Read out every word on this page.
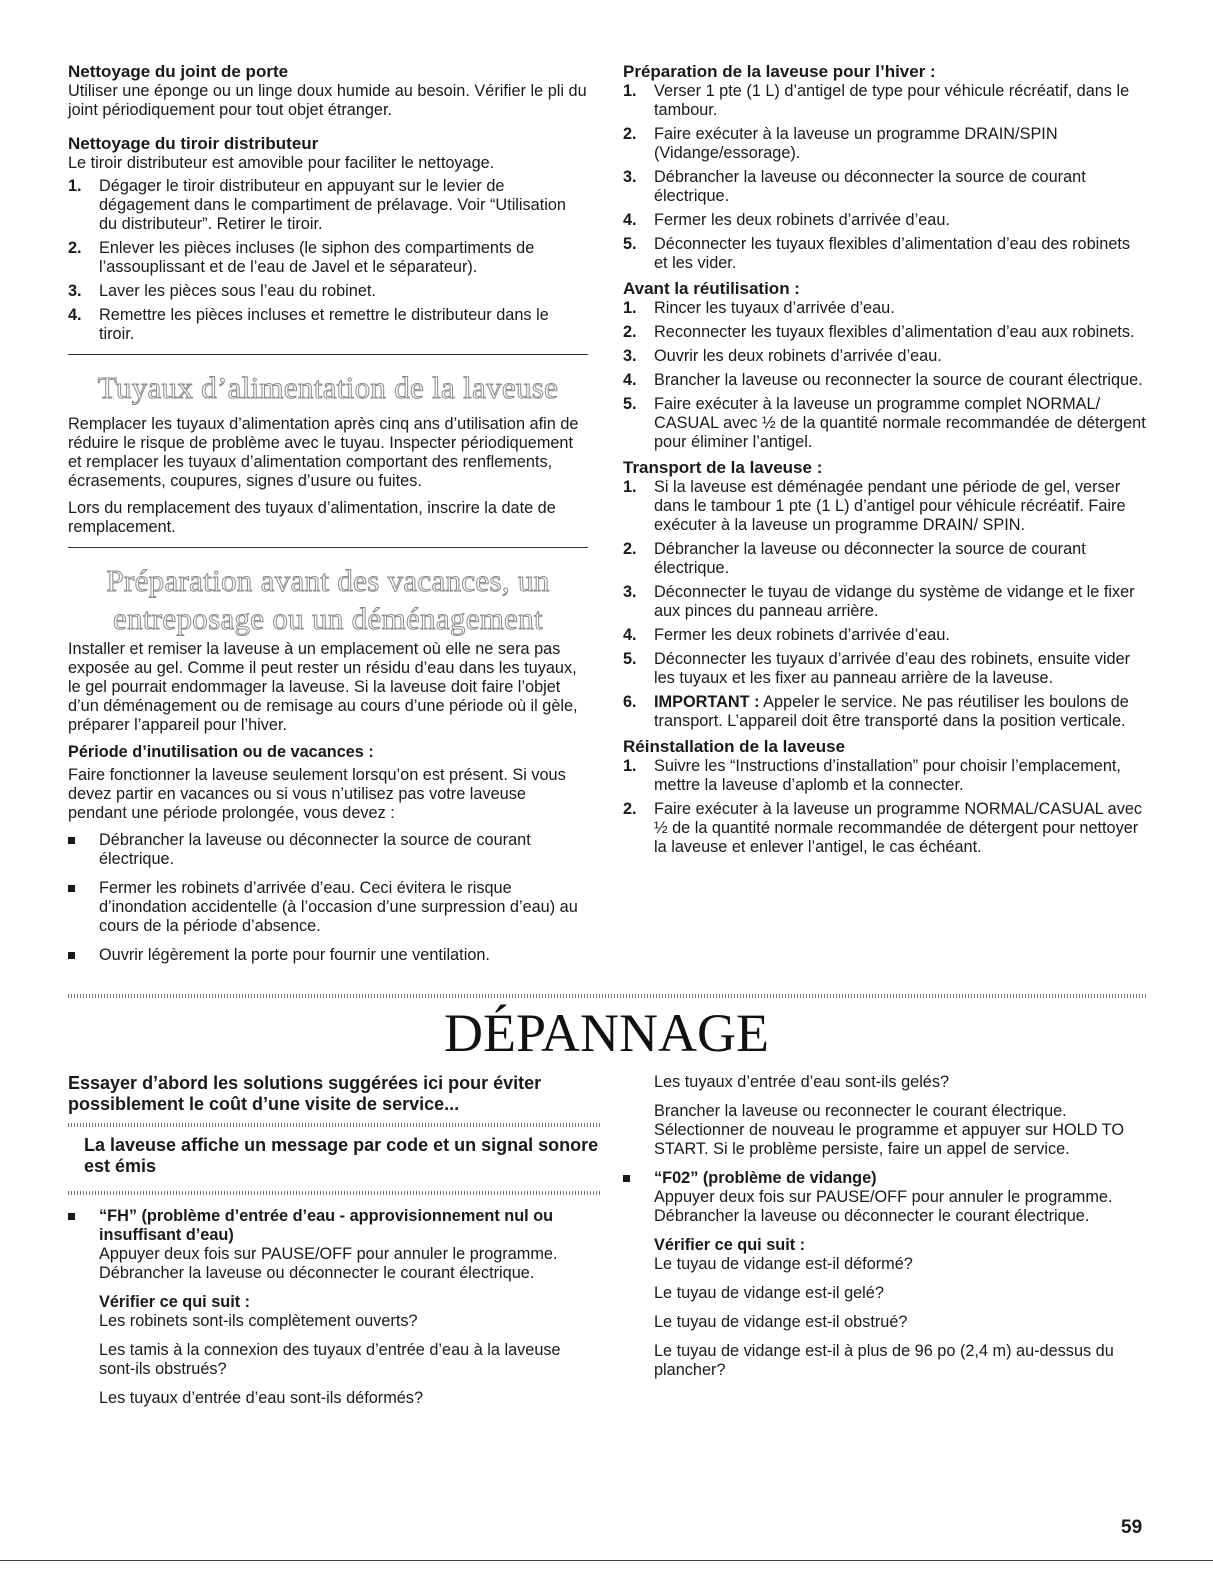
Nettoyage du joint de porte

Utiliser une éponge ou un linge doux humide au besoin. Vérifier le pli du joint périodiquement pour tout objet étranger.

Nettoyage du tiroir distributeur

Le tiroir distributeur est amovible pour faciliter le nettoyage.

1. Dégager le tiroir distributeur en appuyant sur le levier de dégagement dans le compartiment de prélavage. Voir “Utilisation du distributeur”. Retirer le tiroir.
2. Enlever les pièces incluses (le siphon des compartiments de l’assouplissant et de l’eau de Javel et le séparateur).
3. Laver les pièces sous l’eau du robinet.
4. Remettre les pièces incluses et remettre le distributeur dans le tiroir.
Tuyaux d’alimentation de la laveuse

Remplacer les tuyaux d’alimentation après cinq ans d’utilisation afin de réduire le risque de problème avec le tuyau. Inspecter périodiquement et remplacer les tuyaux d’alimentation comportant des renflements, écrasements, coupures, signes d’usure ou fuites.

Lors du remplacement des tuyaux d’alimentation, inscrire la date de remplacement.

Préparation avant des vacances, un
entreposage ou un déménagement

Installer et remiser la laveuse à un emplacement où elle ne sera pas exposée au gel. Comme il peut rester un résidu d’eau dans les tuyaux, le gel pourrait endommager la laveuse. Si la laveuse doit faire l’objet d’un déménagement ou de remisage au cours d’une période où il gèle, préparer l’appareil pour l’hiver.

Période d’inutilisation ou de vacances :

Faire fonctionner la laveuse seulement lorsqu’on est présent. Si vous devez partir en vacances ou si vous n’utilisez pas votre laveuse pendant une période prolongée, vous devez :

Débrancher la laveuse ou déconnecter la source de courant électrique.
Fermer les robinets d’arrivée d’eau. Ceci évitera le risque d’inondation accidentelle (à l’occasion d’une surpression d’eau) au cours de la période d’absence.
Ouvrir légèrement la porte pour fournir une ventilation.
Préparation de la laveuse pour l’hiver :
1. Verser 1 pte (1 L) d’antigel de type pour véhicule récréatif, dans le tambour.
2. Faire exécuter à la laveuse un programme DRAIN/SPIN (Vidange/essorage).
3. Débrancher la laveuse ou déconnecter la source de courant électrique.
4. Fermer les deux robinets d’arrivée d’eau.
5. Déconnecter les tuyaux flexibles d’alimentation d’eau des robinets et les vider.
Avant la réutilisation :
1. Rincer les tuyaux d’arrivée d’eau.
2. Reconnecter les tuyaux flexibles d’alimentation d’eau aux robinets.
3. Ouvrir les deux robinets d’arrivée d’eau.
4. Brancher la laveuse ou reconnecter la source de courant électrique.
5. Faire exécuter à la laveuse un programme complet NORMAL/ CASUAL avec ½ de la quantité normale recommandée de détergent pour éliminer l’antigel.
Transport de la laveuse :
1. Si la laveuse est déménagée pendant une période de gel, verser dans le tambour 1 pte (1 L) d’antigel pour véhicule récréatif. Faire exécuter à la laveuse un programme DRAIN/ SPIN.
2. Débrancher la laveuse ou déconnecter la source de courant électrique.
3. Déconnecter le tuyau de vidange du système de vidange et le fixer aux pinces du panneau arrière.
4. Fermer les deux robinets d’arrivée d’eau.
5. Déconnecter les tuyaux d’arrivée d’eau des robinets, ensuite vider les tuyaux et les fixer au panneau arrière de la laveuse.
6. IMPORTANT : Appeler le service. Ne pas réutiliser les boulons de transport. L’appareil doit être transporté dans la position verticale.
Réinstallation de la laveuse
1. Suivre les “Instructions d’installation” pour choisir l’emplacement, mettre la laveuse d’aplomb et la connecter.
2. Faire exécuter à la laveuse un programme NORMAL/CASUAL avec ½ de la quantité normale recommandée de détergent pour nettoyer la laveuse et enlever l’antigel, le cas échéant.
DÉPANNAGE
Essayer d’abord les solutions suggérées ici pour éviter possiblement le coût d’une visite de service...
La laveuse affiche un message par code et un signal sonore est émis
“FH” (problème d’entrée d’eau - approvisionnement nul ou insuffisant d’eau)

Appuyer deux fois sur PAUSE/OFF pour annuler le programme. Débrancher la laveuse ou déconnecter le courant électrique.

Vérifier ce qui suit :

Les robinets sont-ils complètement ouverts?

Les tamis à la connexion des tuyaux d’entrée d’eau à la laveuse sont-ils obstrués?

Les tuyaux d’entrée d’eau sont-ils déformés?

Les tuyaux d’entrée d’eau sont-ils gelés?

Brancher la laveuse ou reconnecter le courant électrique. Sélectionner de nouveau le programme et appuyer sur HOLD TO START. Si le problème persiste, faire un appel de service.

“F02” (problème de vidange)

Appuyer deux fois sur PAUSE/OFF pour annuler le programme. Débrancher la laveuse ou déconnecter le courant électrique.

Vérifier ce qui suit :

Le tuyau de vidange est-il déformé?

Le tuyau de vidange est-il gelé?

Le tuyau de vidange est-il obstrué?

Le tuyau de vidange est-il à plus de 96 po (2,4 m) au-dessus du plancher?

59
